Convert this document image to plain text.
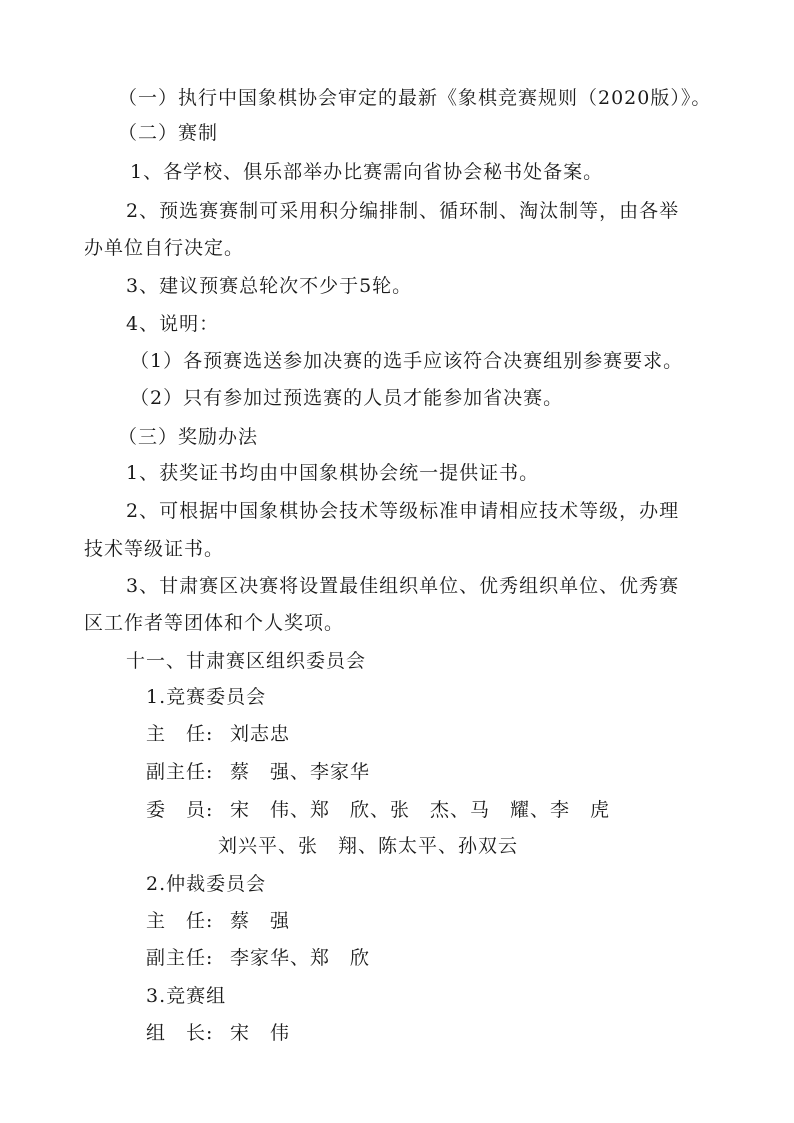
（一）执行中国象棋协会审定的最新《象棋竞赛规则（2020版）》。
（二）赛制
1、各学校、俱乐部举办比赛需向省协会秘书处备案。
2、预选赛赛制可采用积分编排制、循环制、淘汰制等，由各举
办单位自行决定。
3、建议预赛总轮次不少于5轮。
4、说明：
（1）各预赛选送参加决赛的选手应该符合决赛组别参赛要求。
（2）只有参加过预选赛的人员才能参加省决赛。
（三）奖励办法
1、获奖证书均由中国象棋协会统一提供证书。
2、可根据中国象棋协会技术等级标准申请相应技术等级，办理
技术等级证书。
3、甘肃赛区决赛将设置最佳组织单位、优秀组织单位、优秀赛
区工作者等团体和个人奖项。
十一、甘肃赛区组织委员会
1.竞赛委员会
主　任: 刘志忠
副主任: 蔡　强、李家华
委　员: 宋　伟、郑　欣、张　杰、马　耀、李　虎
刘兴平、张　翔、陈太平、孙双云
2.仲裁委员会
主　任: 蔡　强
副主任: 李家华、郑　欣
3.竞赛组
组　长: 宋　伟
